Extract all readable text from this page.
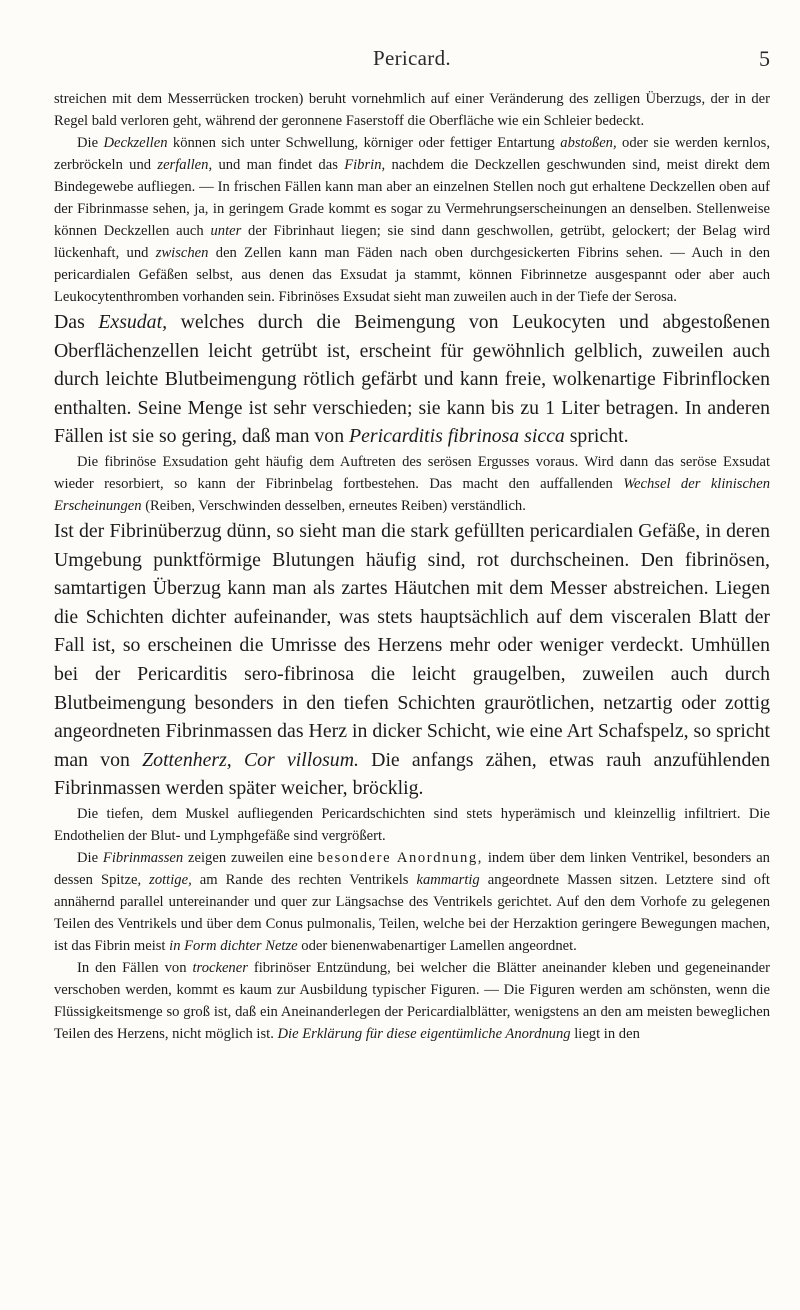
Pericard.	5

streichen mit dem Messerrücken trocken) beruht vornehmlich auf einer Veränderung des zelligen Überzugs, der in der Regel bald verloren geht, während der geronnene Faserstoff die Oberfläche wie ein Schleier bedeckt.

Die Deckzellen können sich unter Schwellung, körniger oder fettiger Entartung abstoßen, oder sie werden kernlos, zerbröckeln und zerfallen, und man findet das Fibrin, nachdem die Deckzellen geschwunden sind, meist direkt dem Bindegewebe aufliegen. — In frischen Fällen kann man aber an einzelnen Stellen noch gut erhaltene Deckzellen oben auf der Fibrinmasse sehen, ja, in geringem Grade kommt es sogar zu Vermehrungserscheinungen an denselben. Stellenweise können Deckzellen auch unter der Fibrinhaut liegen; sie sind dann geschwollen, getrübt, gelockert; der Belag wird lückenhaft, und zwischen den Zellen kann man Fäden nach oben durchgesickerten Fibrins sehen. — Auch in den pericardialen Gefäßen selbst, aus denen das Exsudat ja stammt, können Fibrinnetze ausgespannt oder aber auch Leukocytenthromben vorhanden sein. Fibrinöses Exsudat sieht man zuweilen auch in der Tiefe der Serosa.

Das Exsudat, welches durch die Beimengung von Leukocyten und abgestoßenen Oberflächenzellen leicht getrübt ist, erscheint für gewöhnlich gelblich, zuweilen auch durch leichte Blutbeimengung rötlich gefärbt und kann freie, wolkenartige Fibrinflocken enthalten. Seine Menge ist sehr verschieden; sie kann bis zu 1 Liter betragen. In anderen Fällen ist sie so gering, daß man von Pericarditis fibrinosa sicca spricht.

Die fibrinöse Exsudation geht häufig dem Auftreten des serösen Ergusses voraus. Wird dann das seröse Exsudat wieder resorbiert, so kann der Fibrinbelag fortbestehen. Das macht den auffallenden Wechsel der klinischen Erscheinungen (Reiben, Verschwinden desselben, erneutes Reiben) verständlich.

Ist der Fibrinüberzug dünn, so sieht man die stark gefüllten pericardialen Gefäße, in deren Umgebung punktförmige Blutungen häufig sind, rot durchscheinen. Den fibrinösen, samtartigen Überzug kann man als zartes Häutchen mit dem Messer abstreichen. Liegen die Schichten dichter aufeinander, was stets hauptsächlich auf dem visceralen Blatt der Fall ist, so erscheinen die Umrisse des Herzens mehr oder weniger verdeckt. Umhüllen bei der Pericarditis sero-fibrinosa die leicht graugelben, zuweilen auch durch Blutbeimengung besonders in den tiefen Schichten graurötlichen, netzartig oder zottig angeordneten Fibrinmassen das Herz in dicker Schicht, wie eine Art Schafspelz, so spricht man von Zottenherz, Cor villosum. Die anfangs zähen, etwas rauh anzufühlenden Fibrinmassen werden später weicher, bröcklig.

Die tiefen, dem Muskel aufliegenden Pericardschichten sind stets hyperämisch und kleinzellig infiltriert. Die Endothelien der Blut- und Lymphgefäße sind vergrößert.

Die Fibrinmassen zeigen zuweilen eine besondere Anordnung, indem über dem linken Ventrikel, besonders an dessen Spitze, zottige, am Rande des rechten Ventrikels kammartig angeordnete Massen sitzen. Letztere sind oft annähernd parallel untereinander und quer zur Längsachse des Ventrikels gerichtet. Auf den dem Vorhofe zu gelegenen Teilen des Ventrikels und über dem Conus pulmonalis, Teilen, welche bei der Herzaktion geringere Bewegungen machen, ist das Fibrin meist in Form dichter Netze oder bienenwabenartiger Lamellen angeordnet.

In den Fällen von trockener fibrinöser Entzündung, bei welcher die Blätter aneinander kleben und gegeneinander verschoben werden, kommt es kaum zur Ausbildung typischer Figuren. — Die Figuren werden am schönsten, wenn die Flüssigkeitsmenge so groß ist, daß ein Aneinanderlegen der Pericardialblätter, wenigstens an den am meisten beweglichen Teilen des Herzens, nicht möglich ist. Die Erklärung für diese eigentümliche Anordnung liegt in den
